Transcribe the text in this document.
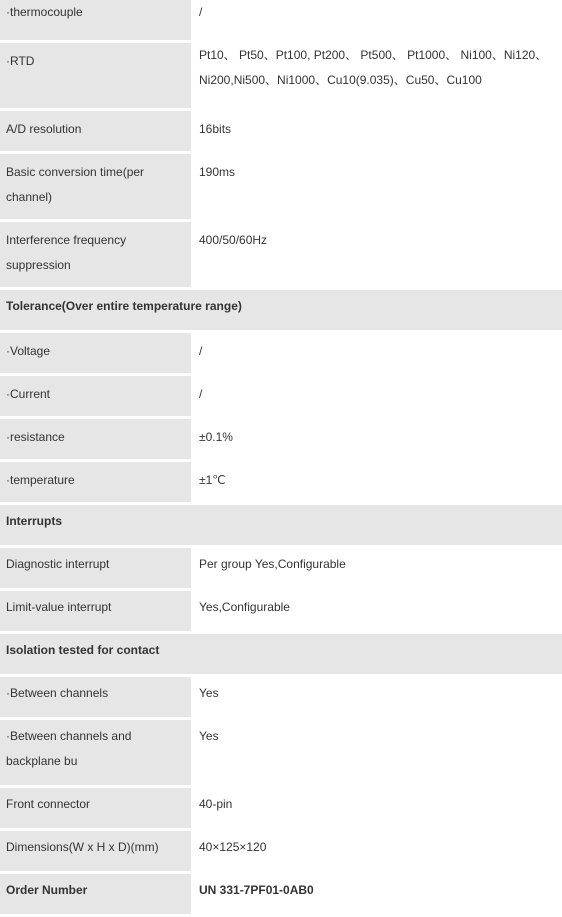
·thermocouple	/
·RTD	Pt10、 Pt50、Pt100, Pt200、 Pt500、 Pt1000、 Ni100、Ni120、Ni200,Ni500、Ni1000、Cu10(9.035)、Cu50、Cu100
A/D resolution	16bits
Basic conversion time(per channel)	190ms
Interference frequency suppression	400/50/60Hz
Tolerance(Over entire temperature range)	
·Voltage	/
·Current	/
·resistance	±0.1%
·temperature	±1℃
Interrupts	
Diagnostic interrupt	Per group Yes,Configurable
Limit-value interrupt	Yes,Configurable
Isolation tested for contact	
·Between channels	Yes
·Between channels and backplane bu	Yes
Front connector	40-pin
Dimensions(W x H x D)(mm)	40×125×120
Order Number	UN 331-7PF01-0AB0
